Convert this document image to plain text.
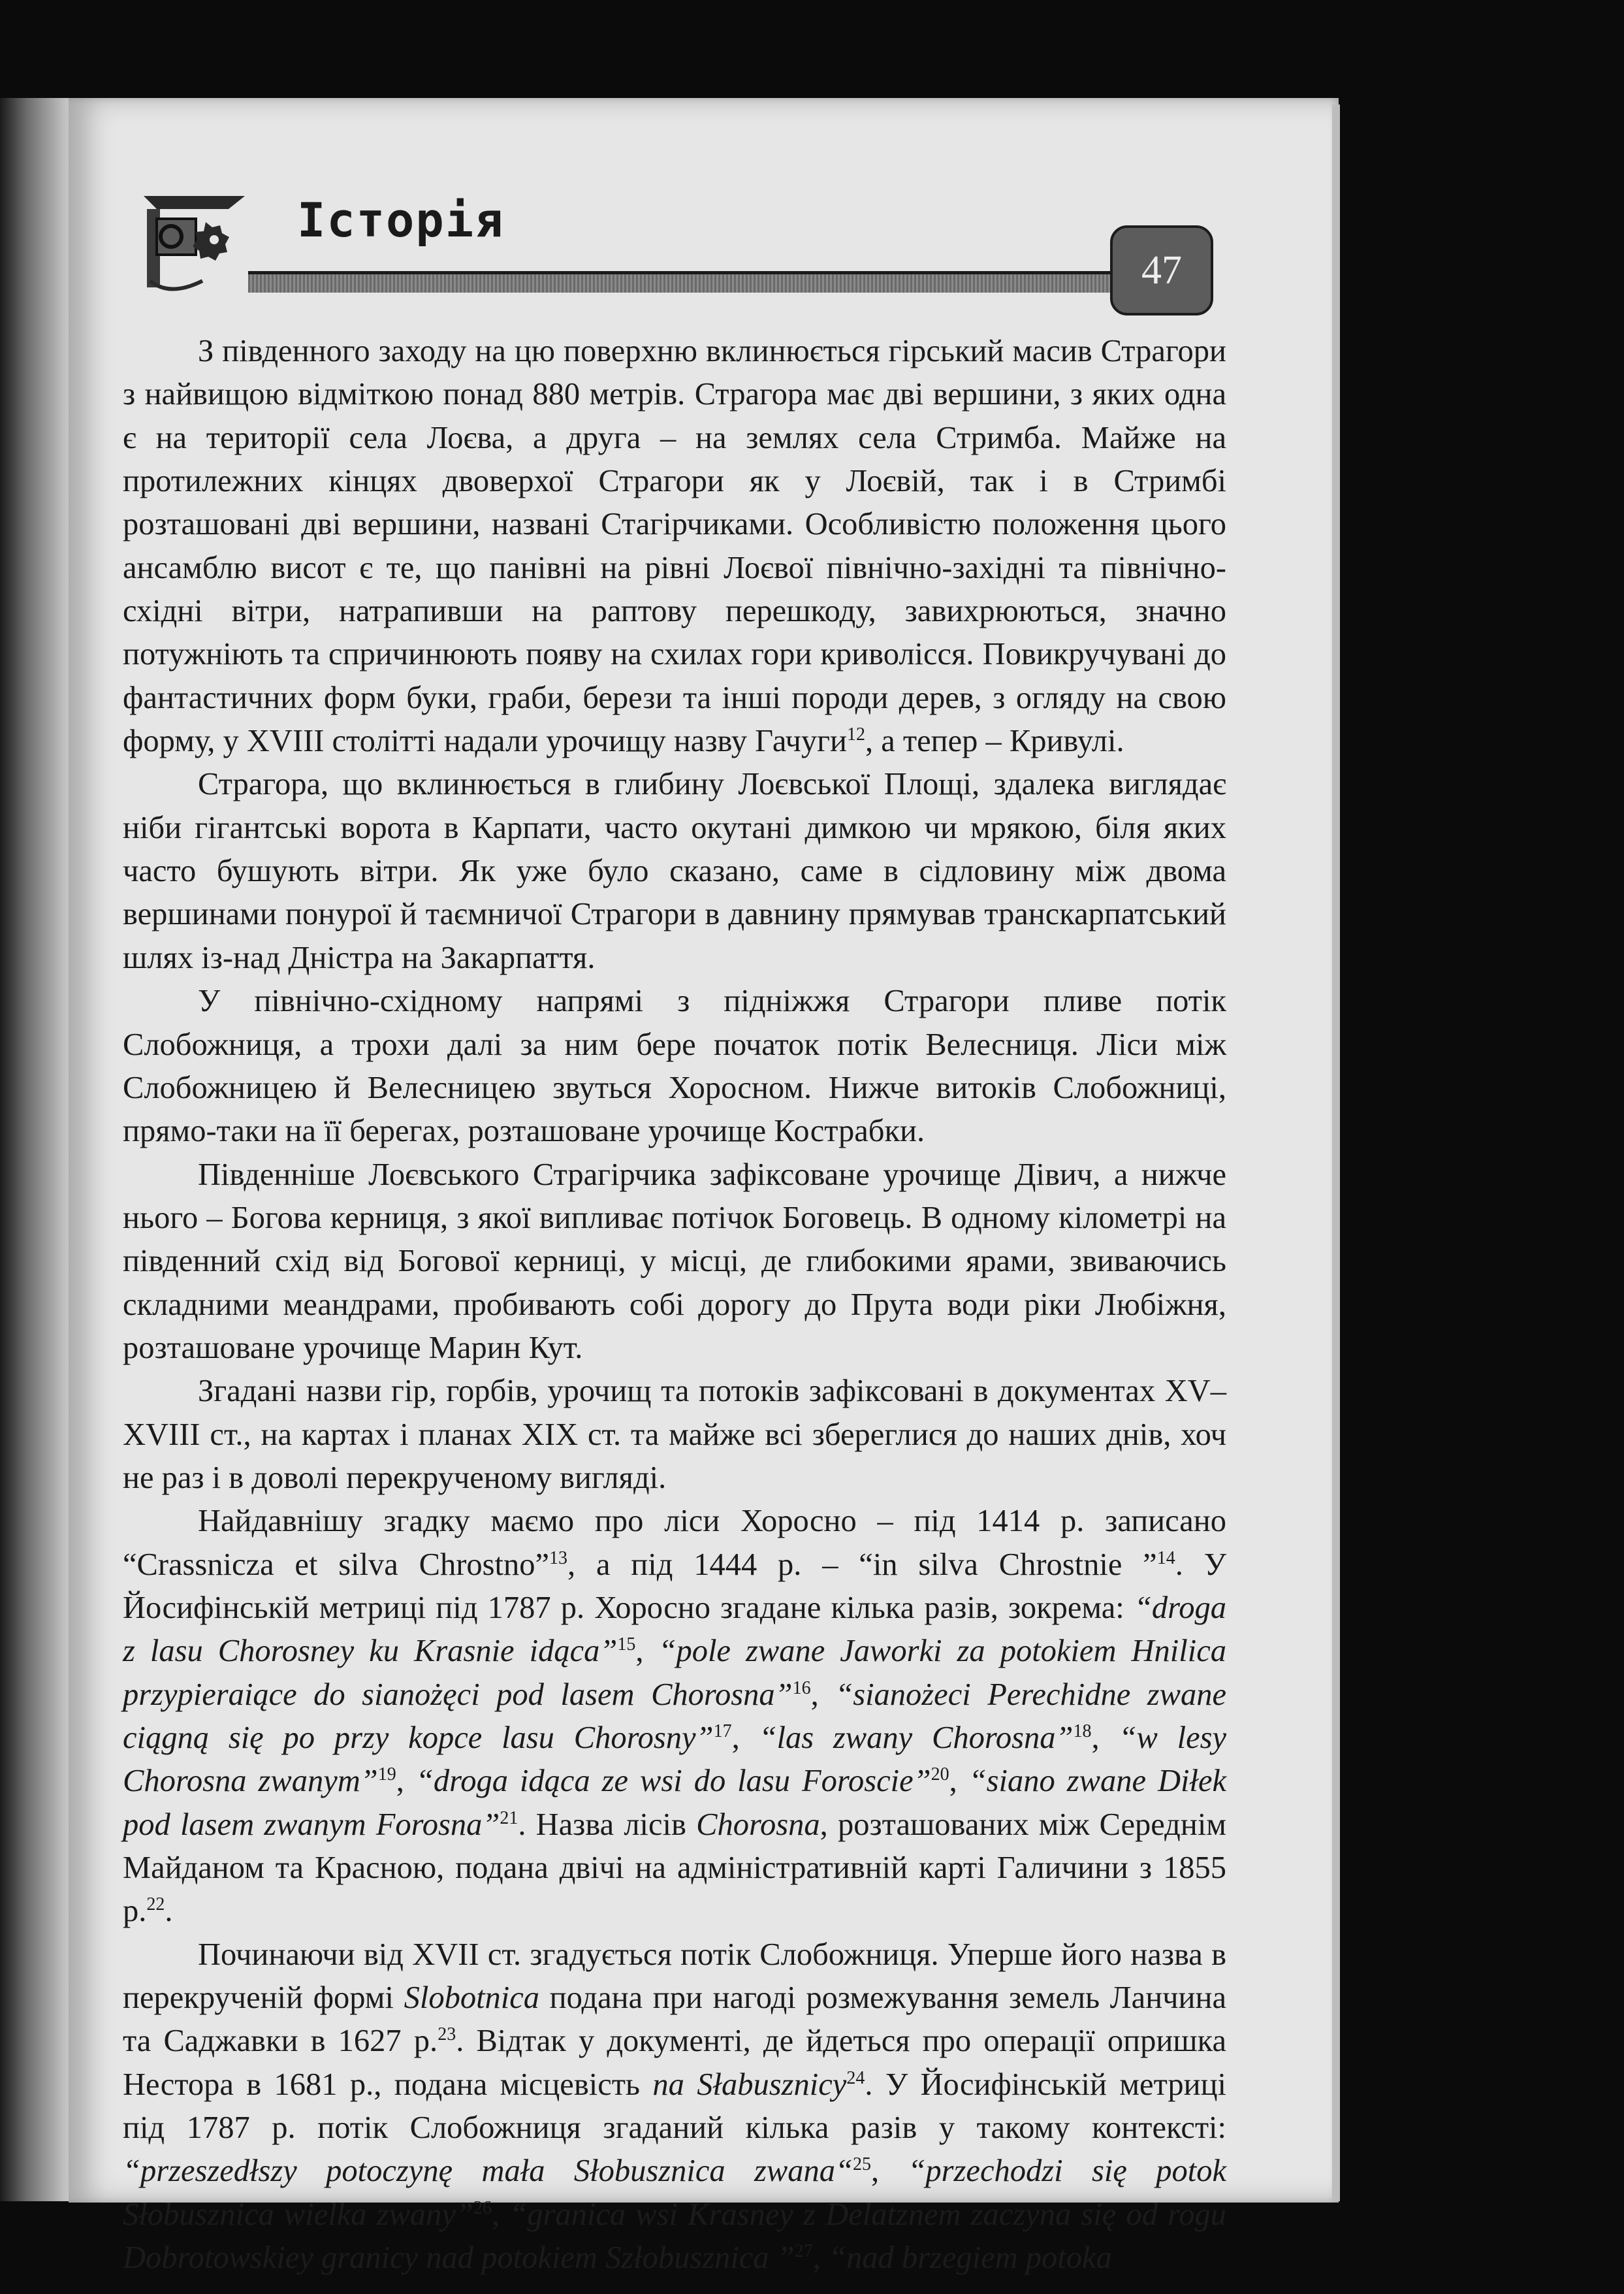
Історія
47

З південного заходу на цю поверхню вклинюється гірський масив Страгори з найвищою відміткою понад 880 метрів. Страгора має дві вершини, з яких одна є на території села Лоєва, а друга – на землях села Стримба. Майже на протилежних кінцях двоверхої Страгори як у Лоєвій, так і в Стримбі розташовані дві вершини, названі Стагірчиками. Особливістю положення цього ансамблю висот є те, що панівні на рівні Лоєвої північно-західні та північно-східні вітри, натрапивши на раптову перешкоду, завихрюються, значно потужніють та спричинюють появу на схилах гори криволісся. Повикручувані до фантастичних форм буки, граби, берези та інші породи дерев, з огляду на свою форму, у XVIII столітті надали урочищу назву Гачуги$^{12}$, а тепер – Кривулі.

Страгора, що вклинюється в глибину Лоєвської Площі, здалека виглядає ніби гігантські ворота в Карпати, часто окутані димкою чи мрякою, біля яких часто бушують вітри. Як уже було сказано, саме в сідловину між двома вершинами понурої й таємничої Страгори в давнину прямував транскарпатський шлях із-над Дністра на Закарпаття.

У північно-східному напрямі з підніжжя Страгори пливе потік Слобожниця, а трохи далі за ним бере початок потік Велесниця. Ліси між Слобожницею й Велесницею звуться Хоросном. Нижче витоків Слобожниці, прямо-таки на її берегах, розташоване урочище Кострабки.

Південніше Лоєвського Страгірчика зафіксоване урочище Дівич, а нижче нього – Богова керниця, з якої випливає потічок Боговець. В одному кілометрі на південний схід від Богової керниці, у місці, де глибокими ярами, звиваючись складними меандрами, пробивають собі дорогу до Прута води ріки Любіжня, розташоване урочище Марин Кут.

Згадані назви гір, горбів, урочищ та потоків зафіксовані в документах XV–XVIII ст., на картах і планах XIX ст. та майже всі збереглися до наших днів, хоч не раз і в доволі перекрученому вигляді.

Найдавнішу згадку маємо про ліси Хоросно – під 1414 р. записано “Crassnicza et silva Chrostno”$^{13}$, а під 1444 р. – “in silva Chrostnie ”$^{14}$. У Йосифінській метриці під 1787 р. Хоросно згадане кілька разів, зокрема: “droga z lasu Chorosney ku Krasnie idąca”$^{15}$, “pole zwane Jaworki za potokiem Hnilica przypieraiące do sianożęci pod lasem Chorosna”$^{16}$, “sianożeci Perechidne zwane ciągną się po przy kopce lasu Chorosny”$^{17}$, “las zwany Chorosna”$^{18}$, “w lesy Chorosna zwanym”$^{19}$, “droga idąca ze wsi do lasu Foroscie”$^{20}$, “siano zwane Diłek pod lasem zwanym Forosna”$^{21}$. Назва лісів Chorosna, розташованих між Середнім Майданом та Красною, подана двічі на адміністративній карті Галичини з 1855 р.$^{22}$.

Починаючи від XVII ст. згадується потік Слобожниця. Уперше його назва в перекрученій формі Slobotnica подана при нагоді розмежування земель Ланчина та Саджавки в 1627 р.$^{23}$. Відтак у документі, де йдеться про операції опришка Нестора в 1681 р., подана місцевість na Słabusznicy$^{24}$. У Йосифінській метриці під 1787 р. потік Слобожниця згаданий кілька разів у такому контексті: “przeszedłszy potoczynę mała Słobusznica zwana“$^{25}$, “przechodzi się potok Słobusznica wielka zwany”$^{26}$, “granica wsi Krasney z Delatznem zaczyna się od rogu Dobrotowskiey granicy nad potokiem Szłobusznica ”$^{27}$, “nad brzegiem potoka
